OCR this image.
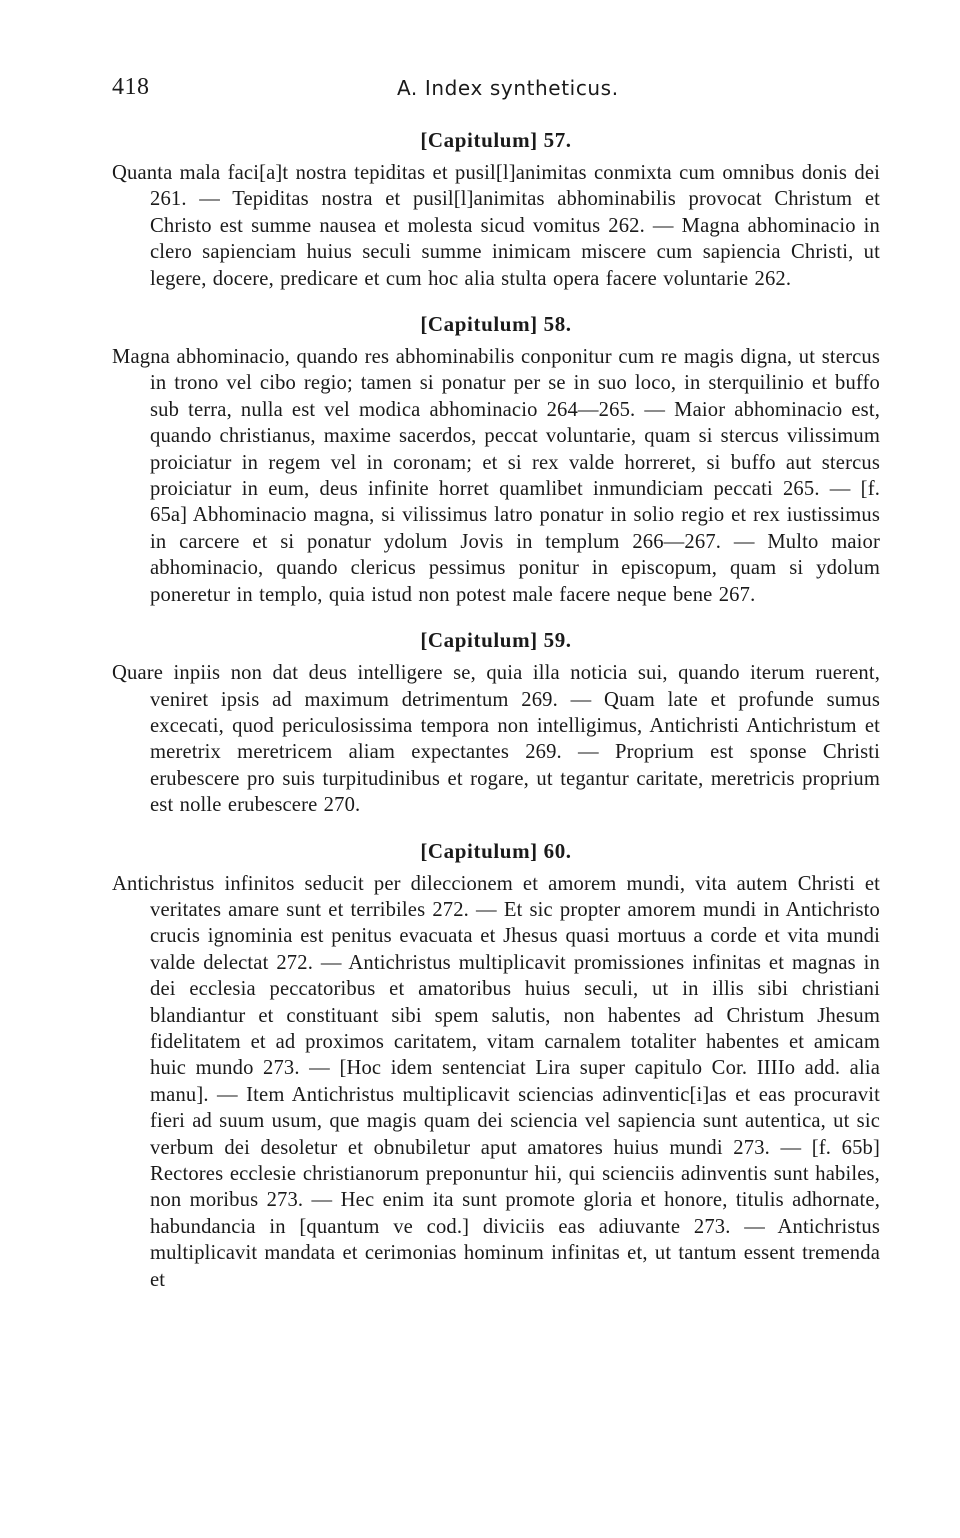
418	A. Index syntheticus.
[Capitulum] 57.

Quanta mala faci[a]t nostra tepiditas et pusil[l]animitas conmixta cum omnibus donis dei 261. — Tepiditas nostra et pusil[l]animitas abhominabilis provocat Christum et Christo est summe nausea et molesta sicud vomitus 262. — Magna abhominacio in clero sapienciam huius seculi summe inimicam miscere cum sapiencia Christi, ut legere, docere, predicare et cum hoc alia stulta opera facere voluntarie 262.

[Capitulum] 58.

Magna abhominacio, quando res abhominabilis conponitur cum re magis digna, ut stercus in trono vel cibo regio; tamen si ponatur per se in suo loco, in sterquilinio et buffo sub terra, nulla est vel modica abhominacio 264—265. — Maior abhominacio est, quando christianus, maxime sacerdos, peccat voluntarie, quam si stercus vilissimum proiciatur in regem vel in coronam; et si rex valde horreret, si buffo aut stercus proiciatur in eum, deus infinite horret quamlibet inmundiciam peccati 265. — [f. 65a] Abhominacio magna, si vilissimus latro ponatur in solio regio et rex iustissimus in carcere et si ponatur ydolum Jovis in templum 266—267. — Multo maior abhominacio, quando clericus pessimus ponitur in episcopum, quam si ydolum poneretur in templo, quia istud non potest male facere neque bene 267.

[Capitulum] 59.

Quare inpiis non dat deus intelligere se, quia illa noticia sui, quando iterum ruerent, veniret ipsis ad maximum detrimentum 269. — Quam late et profunde sumus excecati, quod periculosissima tempora non intelligimus, Antichristi Antichristum et meretrix meretricem aliam expectantes 269. — Proprium est sponse Christi erubescere pro suis turpitudinibus et rogare, ut tegantur caritate, meretricis proprium est nolle erubescere 270.

[Capitulum] 60.

Antichristus infinitos seducit per dileccionem et amorem mundi, vita autem Christi et veritates amare sunt et terribiles 272. — Et sic propter amorem mundi in Antichristo crucis ignominia est penitus evacuata et Jhesus quasi mortuus a corde et vita mundi valde delectat 272. — Antichristus multiplicavit promissiones infinitas et magnas in dei ecclesia peccatoribus et amatoribus huius seculi, ut in illis sibi christiani blandiantur et constituant sibi spem salutis, non habentes ad Christum Jhesum fidelitatem et ad proximos caritatem, vitam carnalem totaliter habentes et amicam huic mundo 273. — [Hoc idem sentenciat Lira super capitulo Cor. IIIIo add. alia manu]. — Item Antichristus multiplicavit sciencias adinventic[i]as et eas procuravit fieri ad suum usum, que magis quam dei sciencia vel sapiencia sunt autentica, ut sic verbum dei desoletur et obnubiletur aput amatores huius mundi 273. — [f. 65b] Rectores ecclesie christianorum preponuntur hii, qui scienciis adinventis sunt habiles, non moribus 273. — Hec enim ita sunt promote gloria et honore, titulis adhornate, habundancia in [quantum ve cod.] diviciis eas adiuvante 273. — Antichristus multiplicavit mandata et cerimonias hominum infinitas et, ut tantum essent tremenda et
